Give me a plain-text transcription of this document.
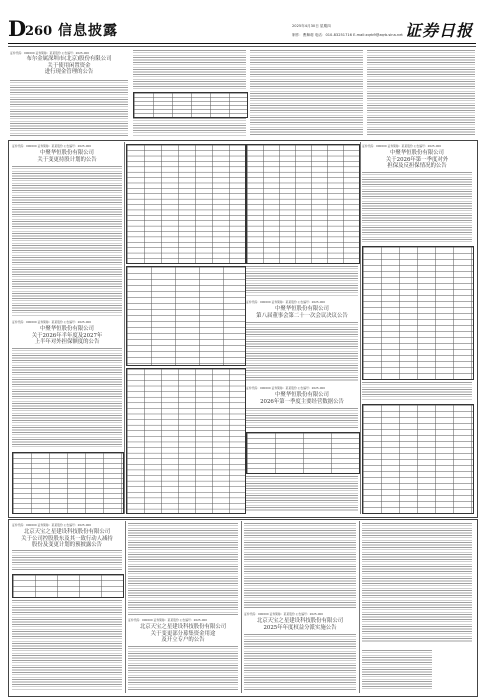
D
260 信息披露	2025年4月30日 星期四
制作：曹舞莉 电话：010-83251716 E-mail:zqrb9@zqrb.sina.net 证券日报
证券代码：000000 证券简称：某某股份 公告编号：2025-000
布尔金属深圳市(北京)股份有限公司
关于使用闲置资金
进行现金管理的公告
证券代码：000000 证券简称：某某股份 公告编号：2025-000
中聚华恒股份有限公司
关于变更持股计划的公告
证券代码：000000 证券简称：某某股份 公告编号：2025-000
中聚华恒股份有限公司
关于2026年半年度及2027年
上半年对外担保额度的公告
证券代码：000000 证券简称：某某股份 公告编号：2025-000
中聚华恒股份有限公司
第八届董事会第二十一次会议决议公告
证券代码：000000 证券简称：某某股份 公告编号：2025-000
中聚华恒股份有限公司
2026年第一季度主要经营数据公告
证券代码：000000 证券简称：某某股份 公告编号：2025-000
中聚华恒股份有限公司
关于2026年第一季度对外
担保及反担保情况的公告
证券代码：000000 证券简称：某某股份 公告编号：2025-000
北京天宝之星建设科技股份有限公司
关于公司控股股东及其一致行动人减持
股份及变更计划的预披露公告
证券代码：000000 证券简称：某某股份 公告编号：2025-000
北京天宝之星建设科技股份有限公司
关于变更部分募集资金用途
及开立专户的公告
证券代码：000000 证券简称：某某股份 公告编号：2025-000
北京天宝之星建设科技股份有限公司
2025年年度权益分派实施公告
